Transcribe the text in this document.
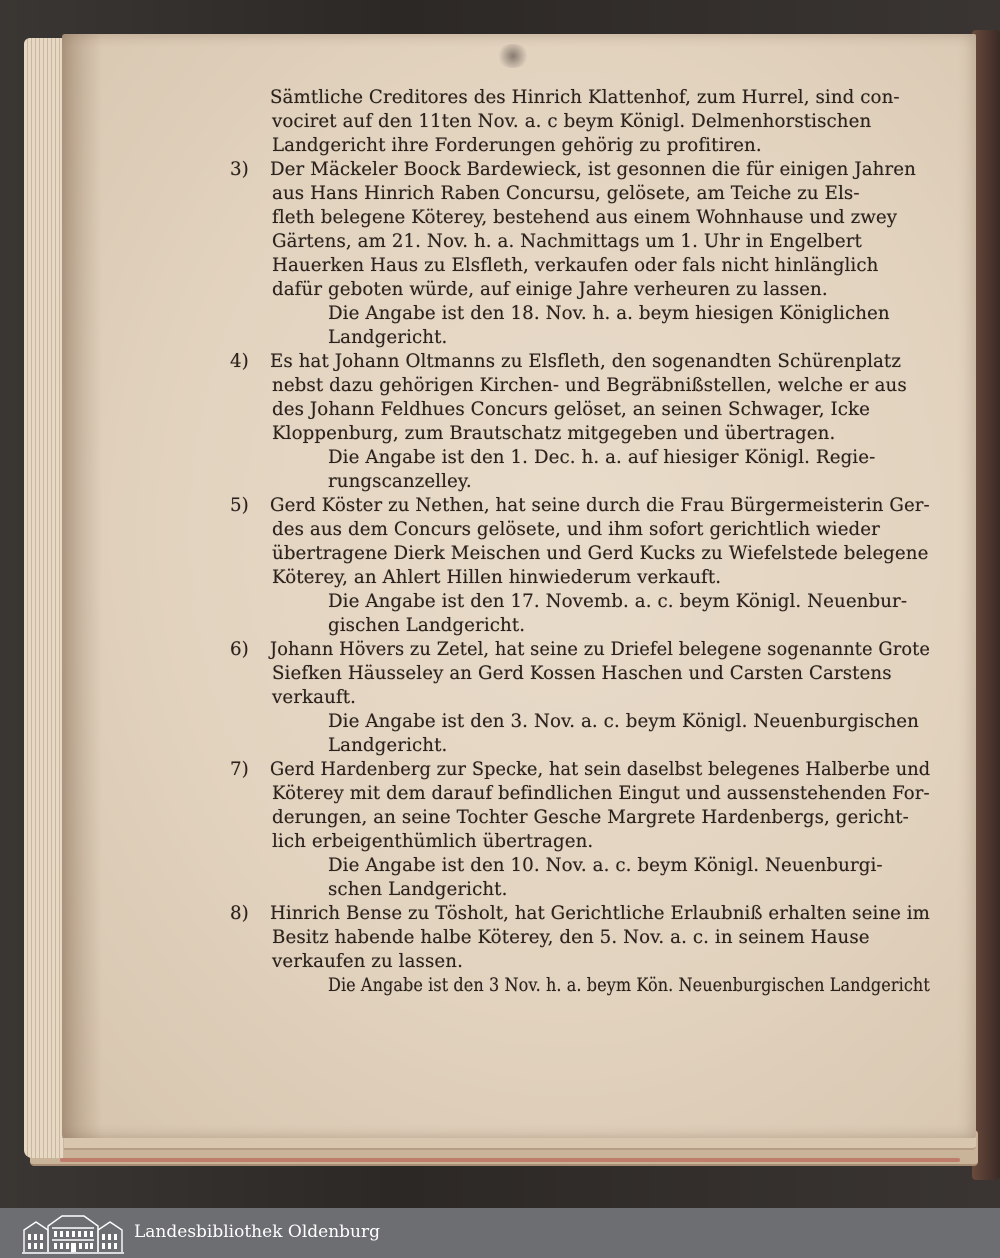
Sämtliche Creditores des Hinrich Klattenhof, zum Hurrel, sind con-
vociret auf den 11ten Nov. a. c beym Königl. Delmenhorstischen
Landgericht ihre Forderungen gehörig zu profitiren.
3)	Der Mäckeler Boock Bardewieck, ist gesonnen die für einigen Jahren
aus Hans Hinrich Raben Concursu, gelösete, am Teiche zu Els-
fleth belegene Köterey, bestehend aus einem Wohnhause und zwey
Gärtens, am 21. Nov. h. a. Nachmittags um 1. Uhr in Engelbert
Hauerken Haus zu Elsfleth, verkaufen oder fals nicht hinlänglich
dafür geboten würde, auf einige Jahre verheuren zu lassen.
Die Angabe ist den 18. Nov. h. a. beym hiesigen Königlichen
Landgericht.
4)	Es hat Johann Oltmanns zu Elsfleth, den sogenandten Schürenplatz
nebst dazu gehörigen Kirchen- und Begräbnißstellen, welche er aus
des Johann Feldhues Concurs gelöset, an seinen Schwager, Icke
Kloppenburg, zum Brautschatz mitgegeben und übertragen.
Die Angabe ist den 1. Dec. h. a. auf hiesiger Königl. Regie-
rungscanzelley.
5)	Gerd Köster zu Nethen, hat seine durch die Frau Bürgermeisterin Ger-
des aus dem Concurs gelösete, und ihm sofort gerichtlich wieder
übertragene Dierk Meischen und Gerd Kucks zu Wiefelstede belegene
Köterey, an Ahlert Hillen hinwiederum verkauft.
Die Angabe ist den 17. Novemb. a. c. beym Königl. Neuenbur-
gischen Landgericht.
6)	Johann Hövers zu Zetel, hat seine zu Driefel belegene sogenannte Grote
Siefken Häusseley an Gerd Kossen Haschen und Carsten Carstens
verkauft.
Die Angabe ist den 3. Nov. a. c. beym Königl. Neuenburgischen
Landgericht.
7)	Gerd Hardenberg zur Specke, hat sein daselbst belegenes Halberbe und
Köterey mit dem darauf befindlichen Eingut und aussenstehenden For-
derungen, an seine Tochter Gesche Margrete Hardenbergs, gericht-
lich erbeigenthümlich übertragen.
Die Angabe ist den 10. Nov. a. c. beym Königl. Neuenburgi-
schen Landgericht.
8)	Hinrich Bense zu Tösholt, hat Gerichtliche Erlaubniß erhalten seine im
Besitz habende halbe Köterey, den 5. Nov. a. c. in seinem Hause
verkaufen zu lassen.
Die Angabe ist den 3 Nov. h. a. beym Kön. Neuenburgischen Landgericht
Landesbibliothek Oldenburg
